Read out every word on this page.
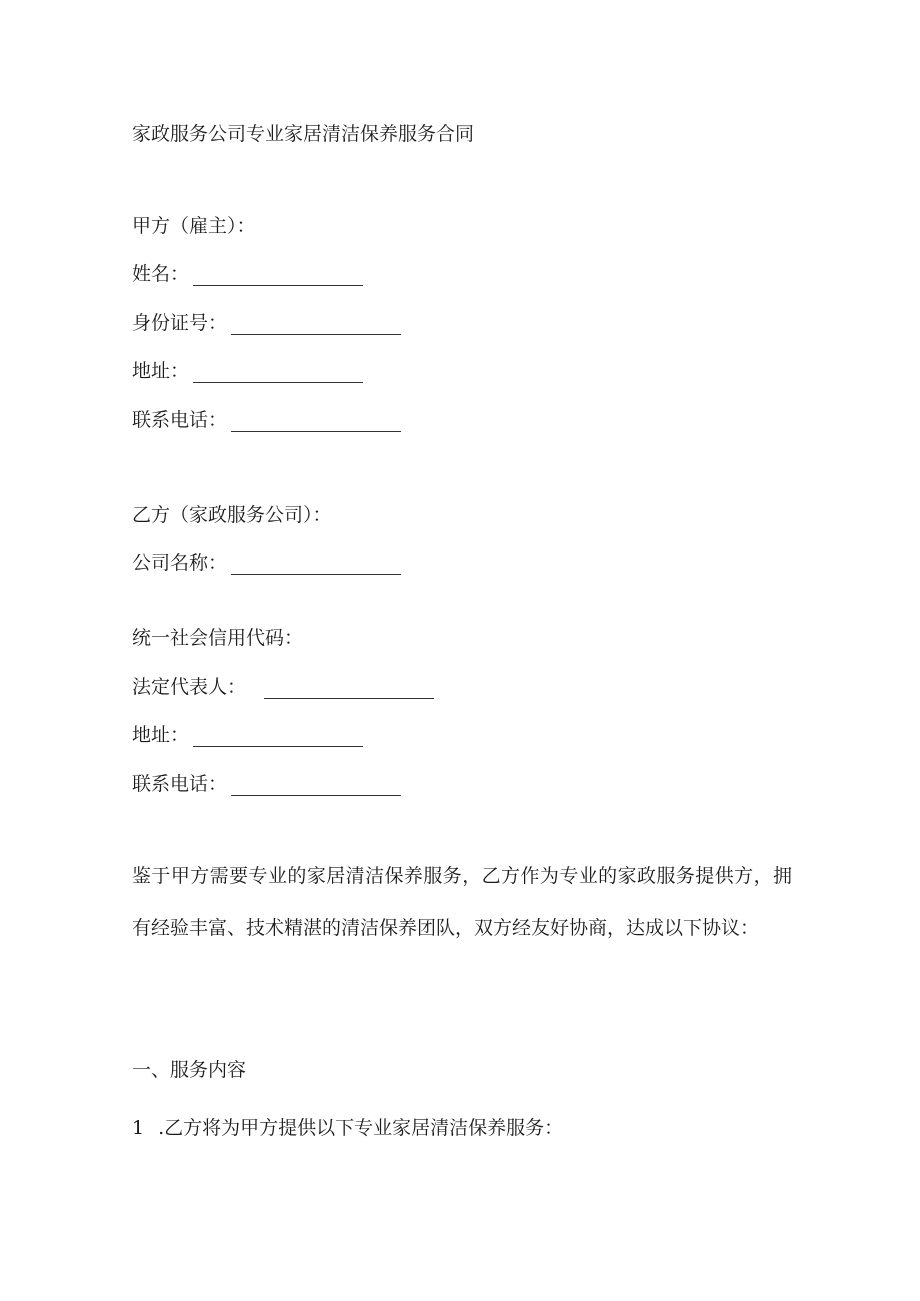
家政服务公司专业家居清洁保养服务合同
甲方（雇主）：
姓名：
身份证号：
地址：
联系电话：
乙方（家政服务公司）：
公司名称：
统一社会信用代码：
法定代表人：
地址：
联系电话：
鉴于甲方需要专业的家居清洁保养服务，乙方作为专业的家政服务提供方，拥有经验丰富、技术精湛的清洁保养团队，双方经友好协商，达成以下协议：
一、服务内容
1 .乙方将为甲方提供以下专业家居清洁保养服务：
